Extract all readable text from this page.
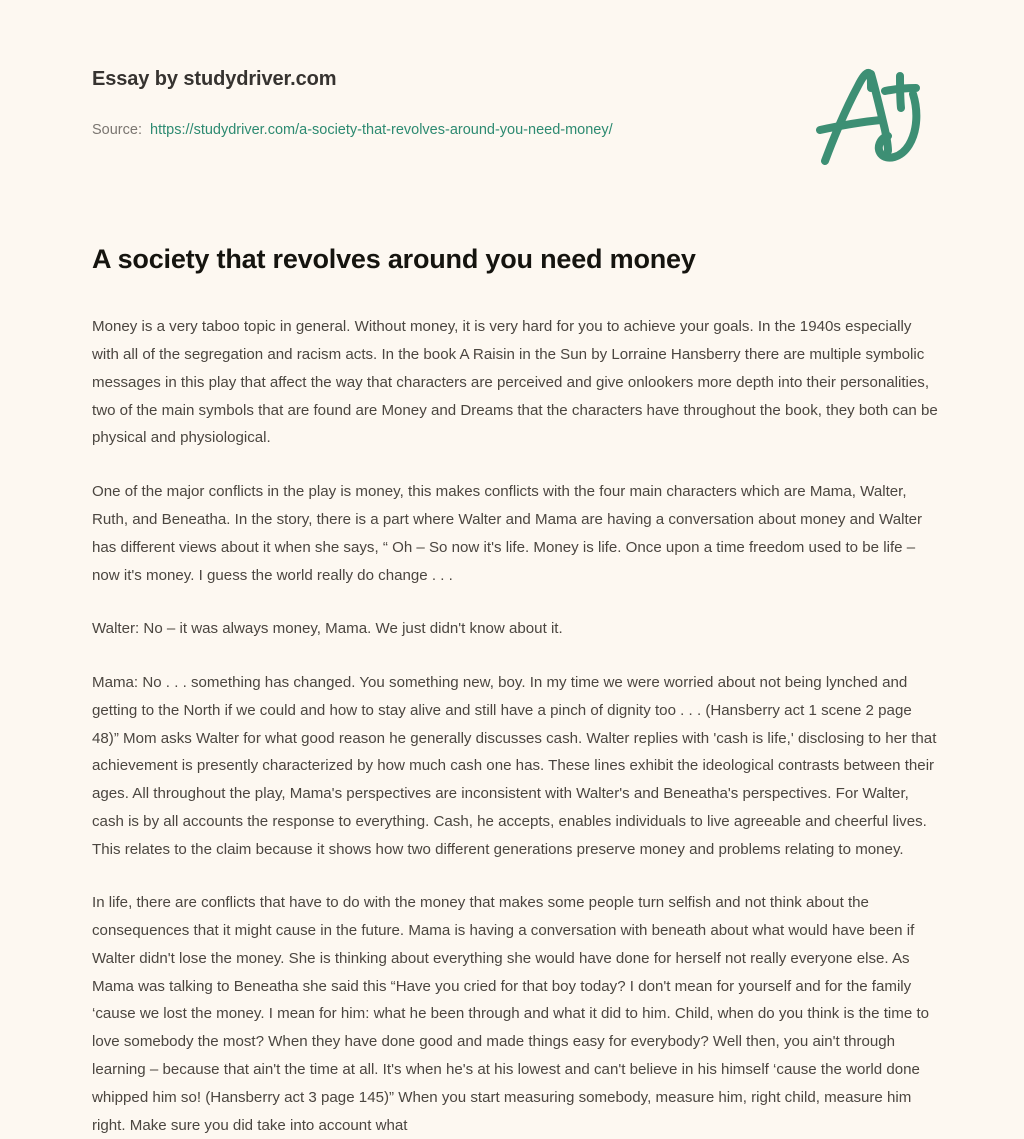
Essay by studydriver.com
Source: https://studydriver.com/a-society-that-revolves-around-you-need-money/
A society that revolves around you need money

Money is a very taboo topic in general. Without money, it is very hard for you to achieve your goals. In the 1940s especially with all of the segregation and racism acts. In the book A Raisin in the Sun by Lorraine Hansberry there are multiple symbolic messages in this play that affect the way that characters are perceived and give onlookers more depth into their personalities, two of the main symbols that are found are Money and Dreams that the characters have throughout the book, they both can be physical and physiological.

One of the major conflicts in the play is money, this makes conflicts with the four main characters which are Mama, Walter, Ruth, and Beneatha. In the story, there is a part where Walter and Mama are having a conversation about money and Walter has different views about it when she says, “ Oh – So now it's life. Money is life. Once upon a time freedom used to be life – now it's money. I guess the world really do change . . .

Walter: No – it was always money, Mama. We just didn't know about it.

Mama: No . . . something has changed. You something new, boy. In my time we were worried about not being lynched and getting to the North if we could and how to stay alive and still have a pinch of dignity too . . . (Hansberry act 1 scene 2 page 48)” Mom asks Walter for what good reason he generally discusses cash. Walter replies with 'cash is life,' disclosing to her that achievement is presently characterized by how much cash one has. These lines exhibit the ideological contrasts between their ages. All throughout the play, Mama's perspectives are inconsistent with Walter's and Beneatha's perspectives. For Walter, cash is by all accounts the response to everything. Cash, he accepts, enables individuals to live agreeable and cheerful lives. This relates to the claim because it shows how two different generations preserve money and problems relating to money.

In life, there are conflicts that have to do with the money that makes some people turn selfish and not think about the consequences that it might cause in the future. Mama is having a conversation with beneath about what would have been if Walter didn't lose the money. She is thinking about everything she would have done for herself not really everyone else. As Mama was talking to Beneatha she said this “Have you cried for that boy today? I don't mean for yourself and for the family ‘cause we lost the money. I mean for him: what he been through and what it did to him. Child, when do you think is the time to love somebody the most? When they have done good and made things easy for everybody? Well then, you ain't through learning – because that ain't the time at all. It's when he's at his lowest and can't believe in his himself ‘cause the world done whipped him so! (Hansberry act 3 page 145)” When you start measuring somebody, measure him, right child, measure him right. Make sure you did take into account what
